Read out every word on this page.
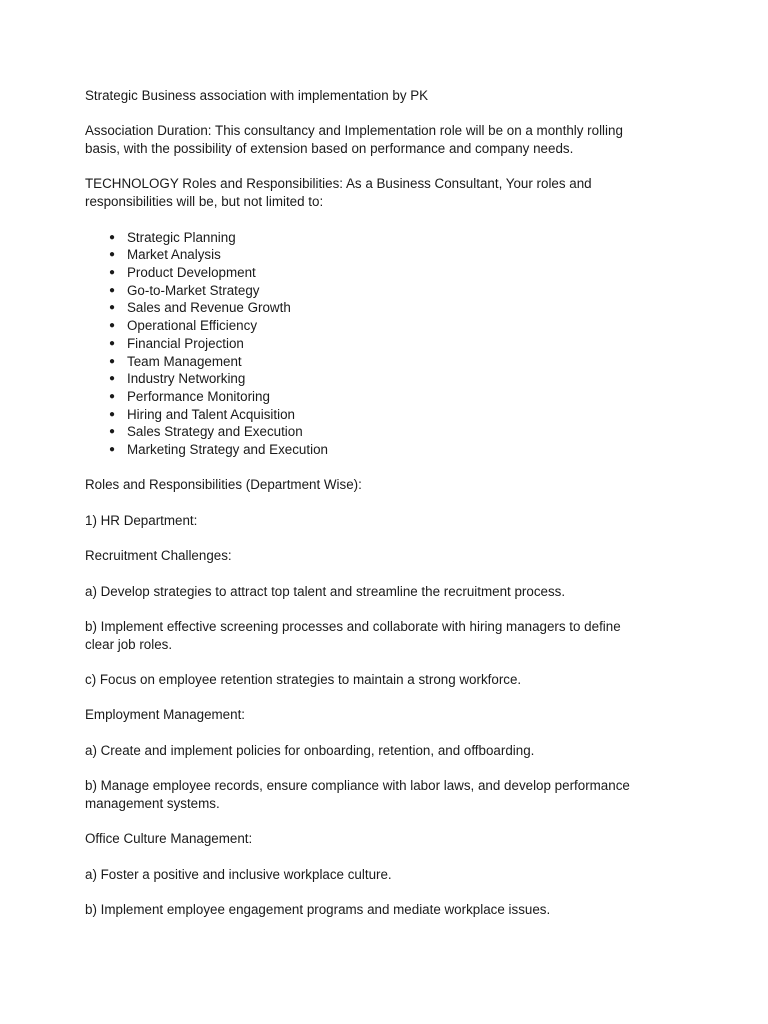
Strategic Business association with implementation by PK

Association Duration: This consultancy and Implementation role will be on a monthly rolling
basis, with the possibility of extension based on performance and company needs.

TECHNOLOGY Roles and Responsibilities: As a Business Consultant, Your roles and
responsibilities will be, but not limited to:

● Strategic Planning
● Market Analysis
● Product Development
● Go-to-Market Strategy
● Sales and Revenue Growth
● Operational Efficiency
● Financial Projection
● Team Management
● Industry Networking
● Performance Monitoring
● Hiring and Talent Acquisition
● Sales Strategy and Execution
● Marketing Strategy and Execution

Roles and Responsibilities (Department Wise):

1) HR Department:

Recruitment Challenges:

a) Develop strategies to attract top talent and streamline the recruitment process.

b) Implement effective screening processes and collaborate with hiring managers to define
clear job roles.

c) Focus on employee retention strategies to maintain a strong workforce.

Employment Management:

a) Create and implement policies for onboarding, retention, and offboarding.

b) Manage employee records, ensure compliance with labor laws, and develop performance
management systems.

Office Culture Management:

a) Foster a positive and inclusive workplace culture.

b) Implement employee engagement programs and mediate workplace issues.
